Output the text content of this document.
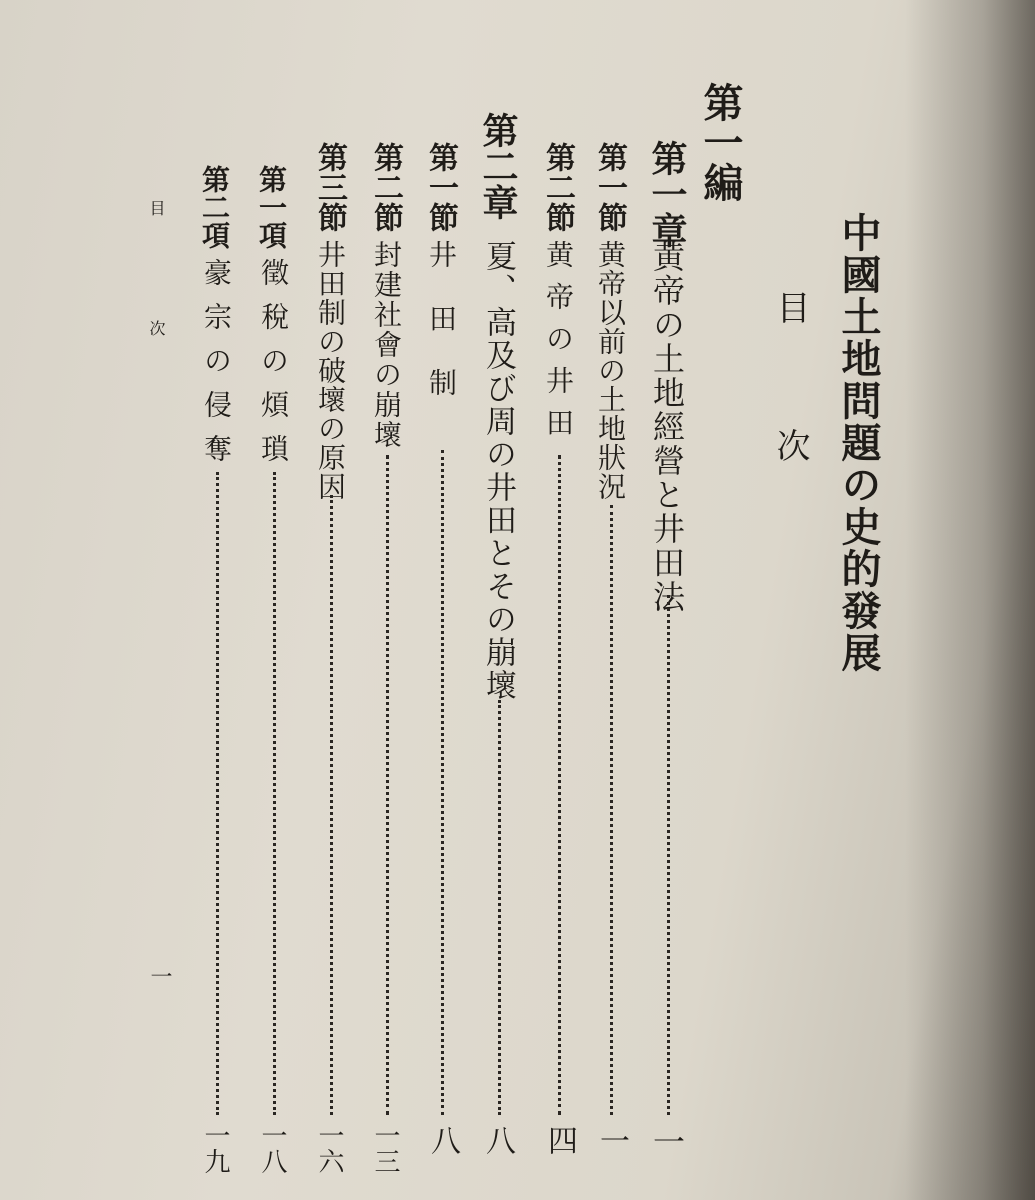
中國土地問題の史的發展
目次
第一編
第一章
黄帝の土地經營と井田法
一
第一節
黄帝以前の土地狀況
一
第二節
黄帝の井田
四
第二章
夏、高及び周の井田とその崩壞
八
第一節
井田制
八
第二節
封建社會の崩壞
一三
第三節
井田制の破壞の原因
一六
第一項
徵稅の煩瑣
一八
第二項
豪宗の侵奪
一九
目次
一
